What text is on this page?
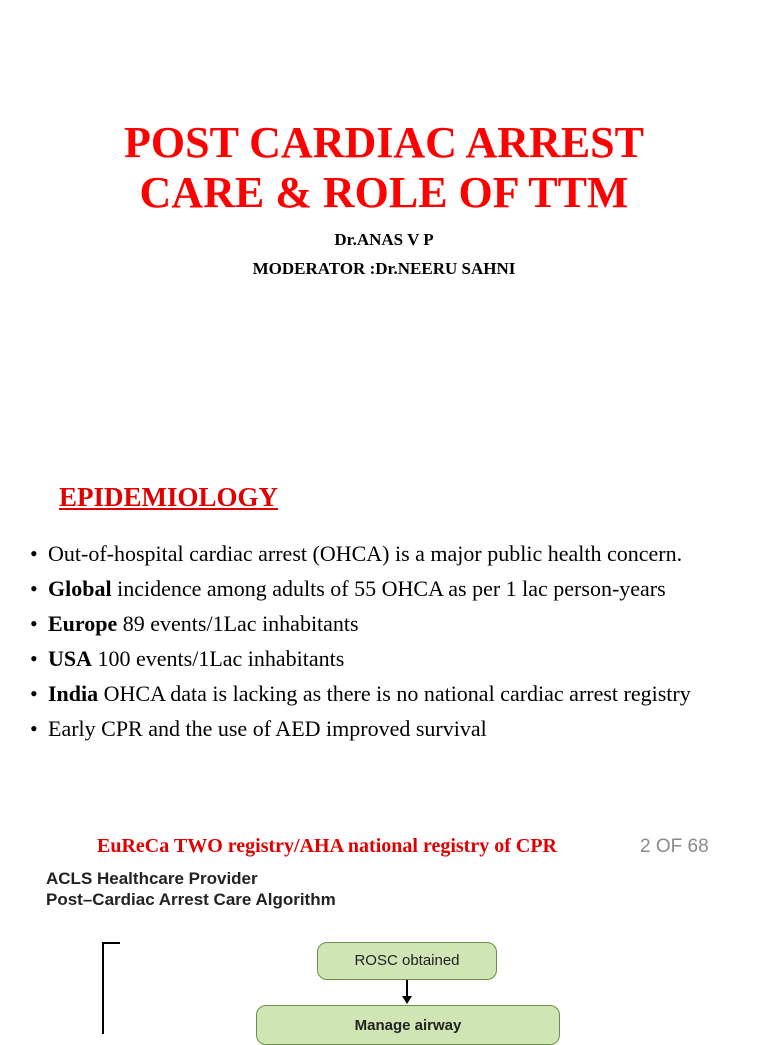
POST CARDIAC ARREST
CARE & ROLE OF TTM
Dr.ANAS V P
MODERATOR :Dr.NEERU SAHNI
EPIDEMIOLOGY
• Out-of-hospital cardiac arrest (OHCA) is a major public health concern.
• Global incidence among adults of 55 OHCA as per 1 lac person-years
• Europe 89 events/1Lac inhabitants
• USA 100 events/1Lac inhabitants
• India OHCA data is lacking as there is no national cardiac arrest registry
• Early CPR and the use of AED improved survival
EuReCa TWO registry/AHA national registry of CPR	2 OF 68
ACLS Healthcare Provider
Post–Cardiac Arrest Care Algorithm
ROSC obtained
Manage airway
